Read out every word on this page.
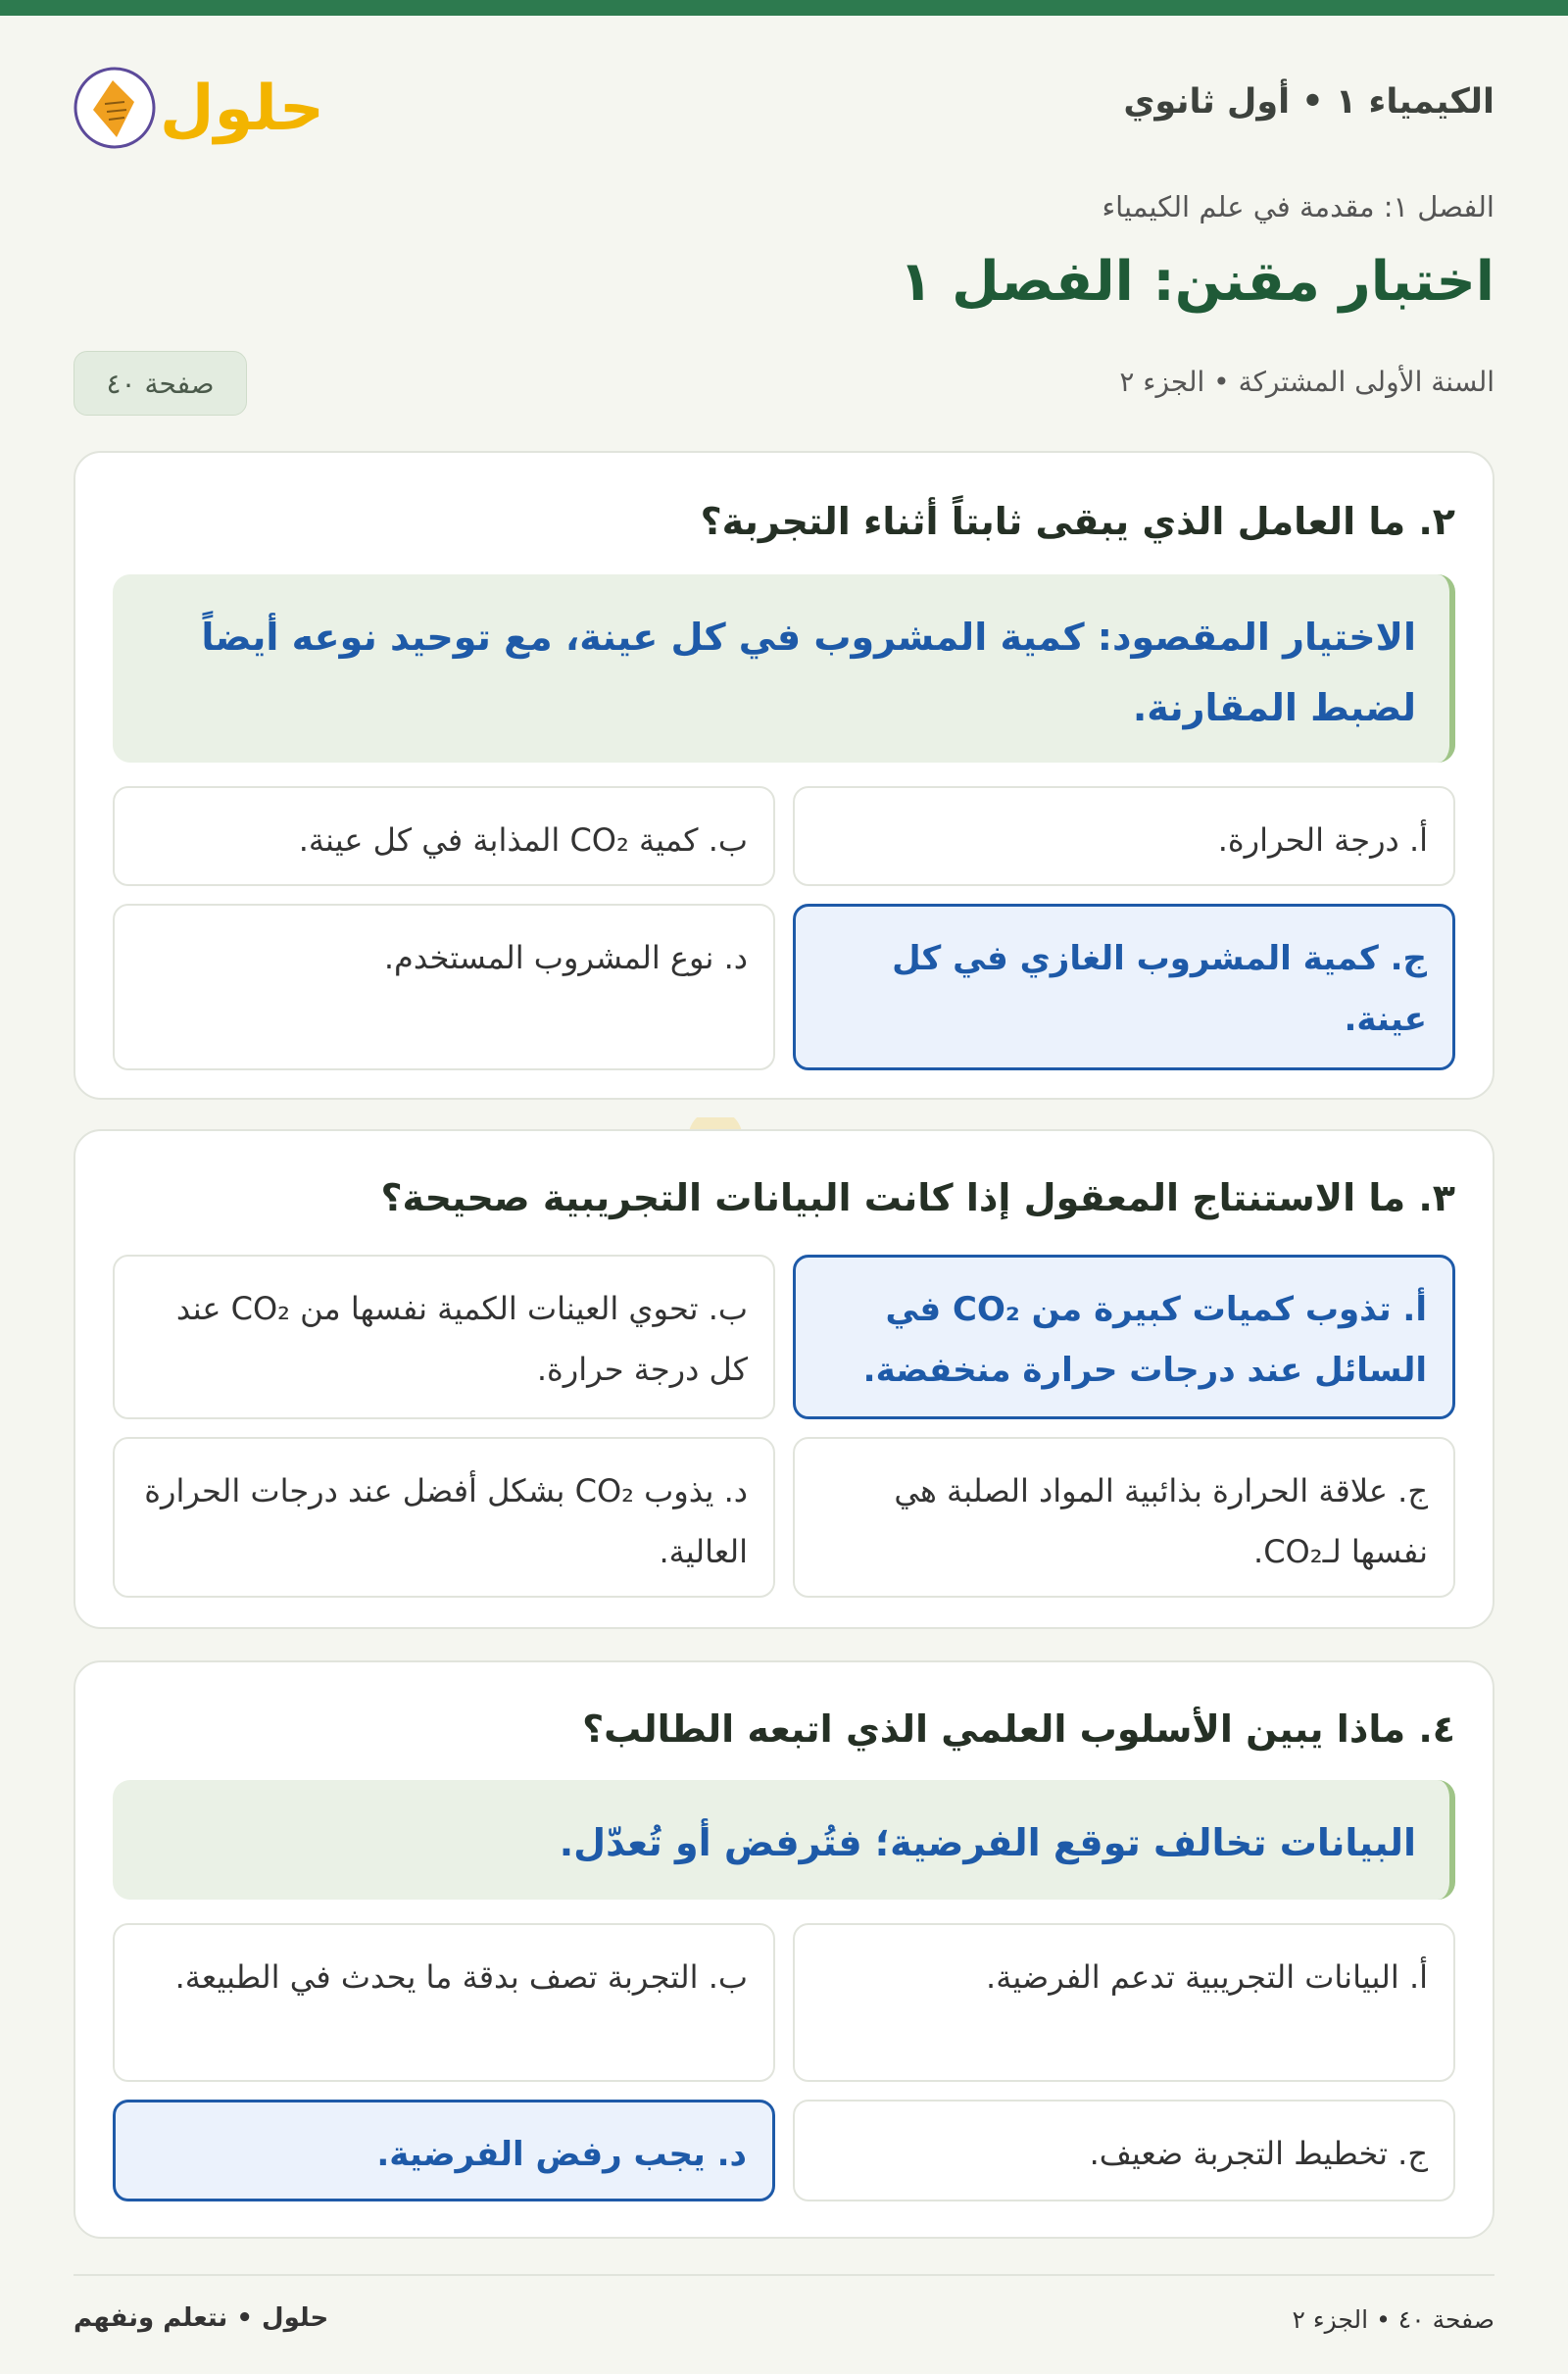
الكيمياء ١ • أول ثانوي
حلول
الفصل ١: مقدمة في علم الكيمياء
اختبار مقنن: الفصل ١
السنة الأولى المشتركة • الجزء ٢
صفحة ٤٠
٢. ما العامل الذي يبقى ثابتاً أثناء التجربة؟
الاختيار المقصود: كمية المشروب في كل عينة، مع توحيد نوعه أيضاً لضبط المقارنة.
أ. درجة الحرارة.
ب. كمية CO₂ المذابة في كل عينة.
ج. كمية المشروب الغازي في كل عينة.
د. نوع المشروب المستخدم.
٣. ما الاستنتاج المعقول إذا كانت البيانات التجريبية صحيحة؟
أ. تذوب كميات كبيرة من CO₂ في السائل عند درجات حرارة منخفضة.
ب. تحوي العينات الكمية نفسها من CO₂ عند كل درجة حرارة.
ج. علاقة الحرارة بذائبية المواد الصلبة هي نفسها لـCO₂.
د. يذوب CO₂ بشكل أفضل عند درجات الحرارة العالية.
٤. ماذا يبين الأسلوب العلمي الذي اتبعه الطالب؟
البيانات تخالف توقع الفرضية؛ فتُرفض أو تُعدّل.
أ. البيانات التجريبية تدعم الفرضية.
ب. التجربة تصف بدقة ما يحدث في الطبيعة.
ج. تخطيط التجربة ضعيف.
د. يجب رفض الفرضية.
حلول • نتعلم ونفهم	صفحة ٤٠ • الجزء ٢
